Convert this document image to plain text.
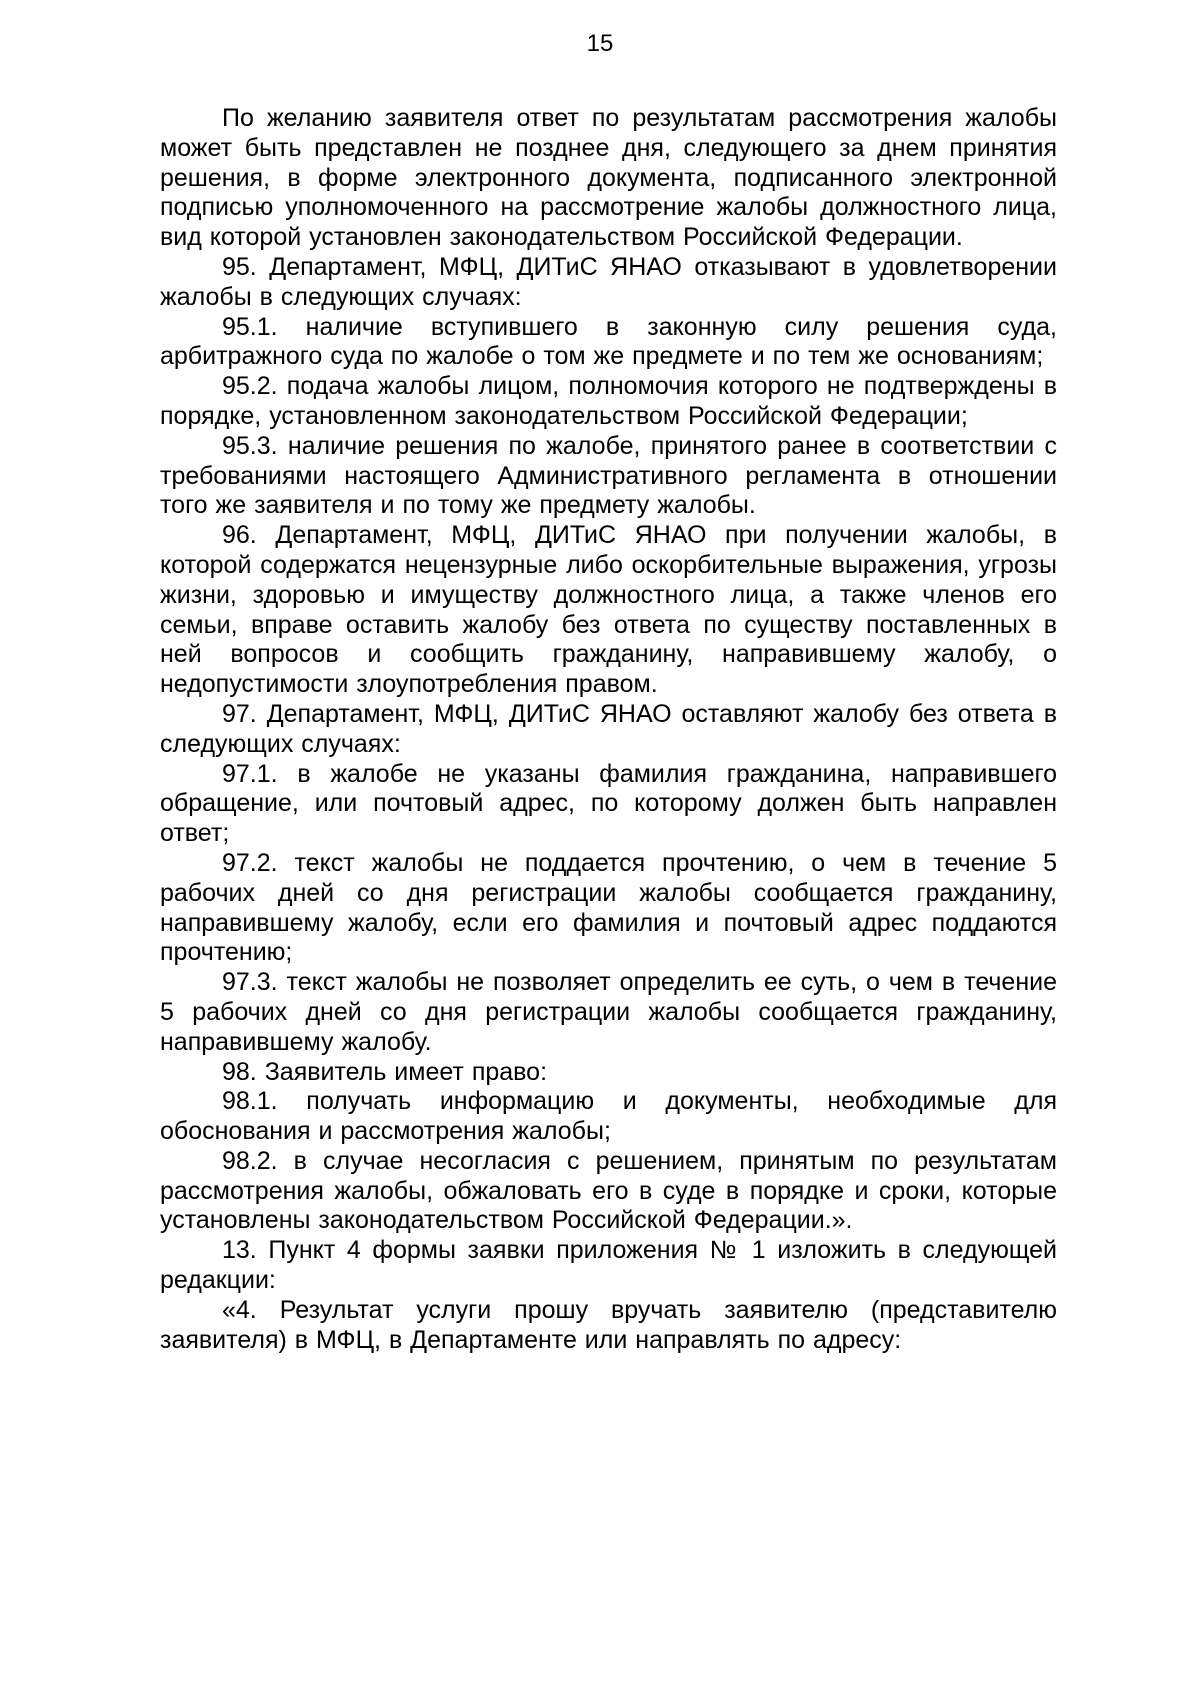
15

По желанию заявителя ответ по результатам рассмотрения жалобы может быть представлен не позднее дня, следующего за днем принятия решения, в форме электронного документа, подписанного электронной подписью уполномоченного на рассмотрение жалобы должностного лица, вид которой установлен законодательством Российской Федерации.

95. Департамент, МФЦ, ДИТиС ЯНАО отказывают в удовлетворении жалобы в следующих случаях:

95.1. наличие вступившего в законную силу решения суда, арбитражного суда по жалобе о том же предмете и по тем же основаниям;

95.2. подача жалобы лицом, полномочия которого не подтверждены в порядке, установленном законодательством Российской Федерации;

95.3. наличие решения по жалобе, принятого ранее в соответствии с требованиями настоящего Административного регламента в отношении того же заявителя и по тому же предмету жалобы.

96. Департамент, МФЦ, ДИТиС ЯНАО при получении жалобы, в которой содержатся нецензурные либо оскорбительные выражения, угрозы жизни, здоровью и имуществу должностного лица, а также членов его семьи, вправе оставить жалобу без ответа по существу поставленных в ней вопросов и сообщить гражданину, направившему жалобу, о недопустимости злоупотребления правом.

97. Департамент, МФЦ, ДИТиС ЯНАО оставляют жалобу без ответа в следующих случаях:

97.1. в жалобе не указаны фамилия гражданина, направившего обращение, или почтовый адрес, по которому должен быть направлен ответ;

97.2. текст жалобы не поддается прочтению, о чем в течение 5 рабочих дней со дня регистрации жалобы сообщается гражданину, направившему жалобу, если его фамилия и почтовый адрес поддаются прочтению;

97.3. текст жалобы не позволяет определить ее суть, о чем в течение 5 рабочих дней со дня регистрации жалобы сообщается гражданину, направившему жалобу.

98. Заявитель имеет право:

98.1. получать информацию и документы, необходимые для обоснования и рассмотрения жалобы;

98.2. в случае несогласия с решением, принятым по результатам рассмотрения жалобы, обжаловать его в суде в порядке и сроки, которые установлены законодательством Российской Федерации.».

13. Пункт 4 формы заявки приложения № 1 изложить в следующей редакции:

«4. Результат услуги прошу вручать заявителю (представителю заявителя) в МФЦ, в Департаменте или направлять по адресу:
